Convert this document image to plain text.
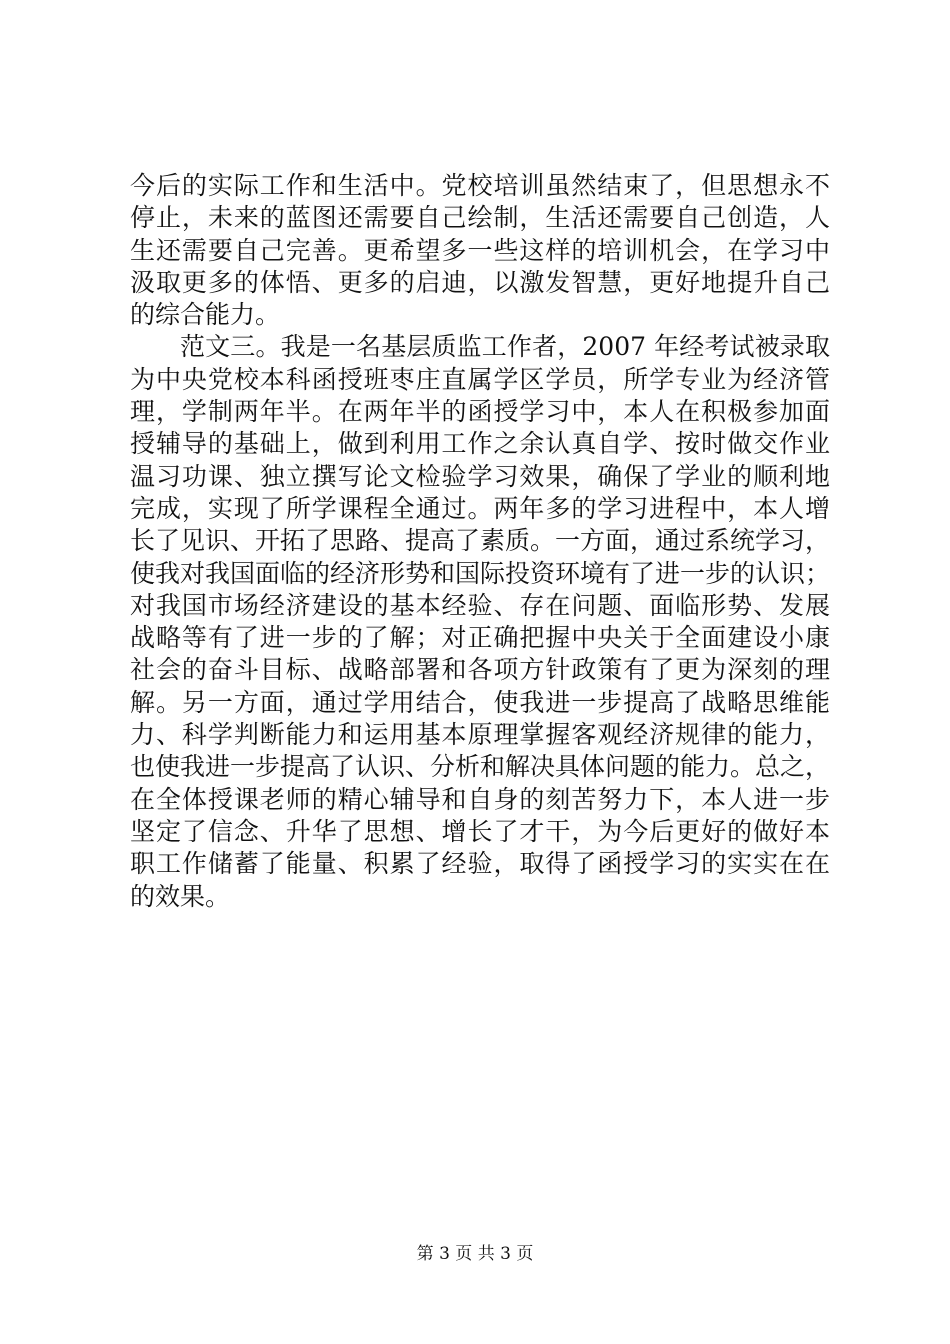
今后的实际工作和生活中。党校培训虽然结束了，但思想永不
停止，未来的蓝图还需要自己绘制，生活还需要自己创造，人
生还需要自己完善。更希望多一些这样的培训机会，在学习中
汲取更多的体悟、更多的启迪，以激发智慧，更好地提升自己
的综合能力。
范文三。我是一名基层质监工作者，2007 年经考试被录取
为中央党校本科函授班枣庄直属学区学员，所学专业为经济管
理，学制两年半。在两年半的函授学习中，本人在积极参加面
授辅导的基础上，做到利用工作之余认真自学、按时做交作业
温习功课、独立撰写论文检验学习效果，确保了学业的顺利地
完成，实现了所学课程全通过。两年多的学习进程中，本人增
长了见识、开拓了思路、提高了素质。一方面，通过系统学习，
使我对我国面临的经济形势和国际投资环境有了进一步的认识；
对我国市场经济建设的基本经验、存在问题、面临形势、发展
战略等有了进一步的了解；对正确把握中央关于全面建设小康
社会的奋斗目标、战略部署和各项方针政策有了更为深刻的理
解。另一方面，通过学用结合，使我进一步提高了战略思维能
力、科学判断能力和运用基本原理掌握客观经济规律的能力，
也使我进一步提高了认识、分析和解决具体问题的能力。总之，
在全体授课老师的精心辅导和自身的刻苦努力下，本人进一步
坚定了信念、升华了思想、增长了才干，为今后更好的做好本
职工作储蓄了能量、积累了经验，取得了函授学习的实实在在
的效果。
第 3 页 共 3 页
